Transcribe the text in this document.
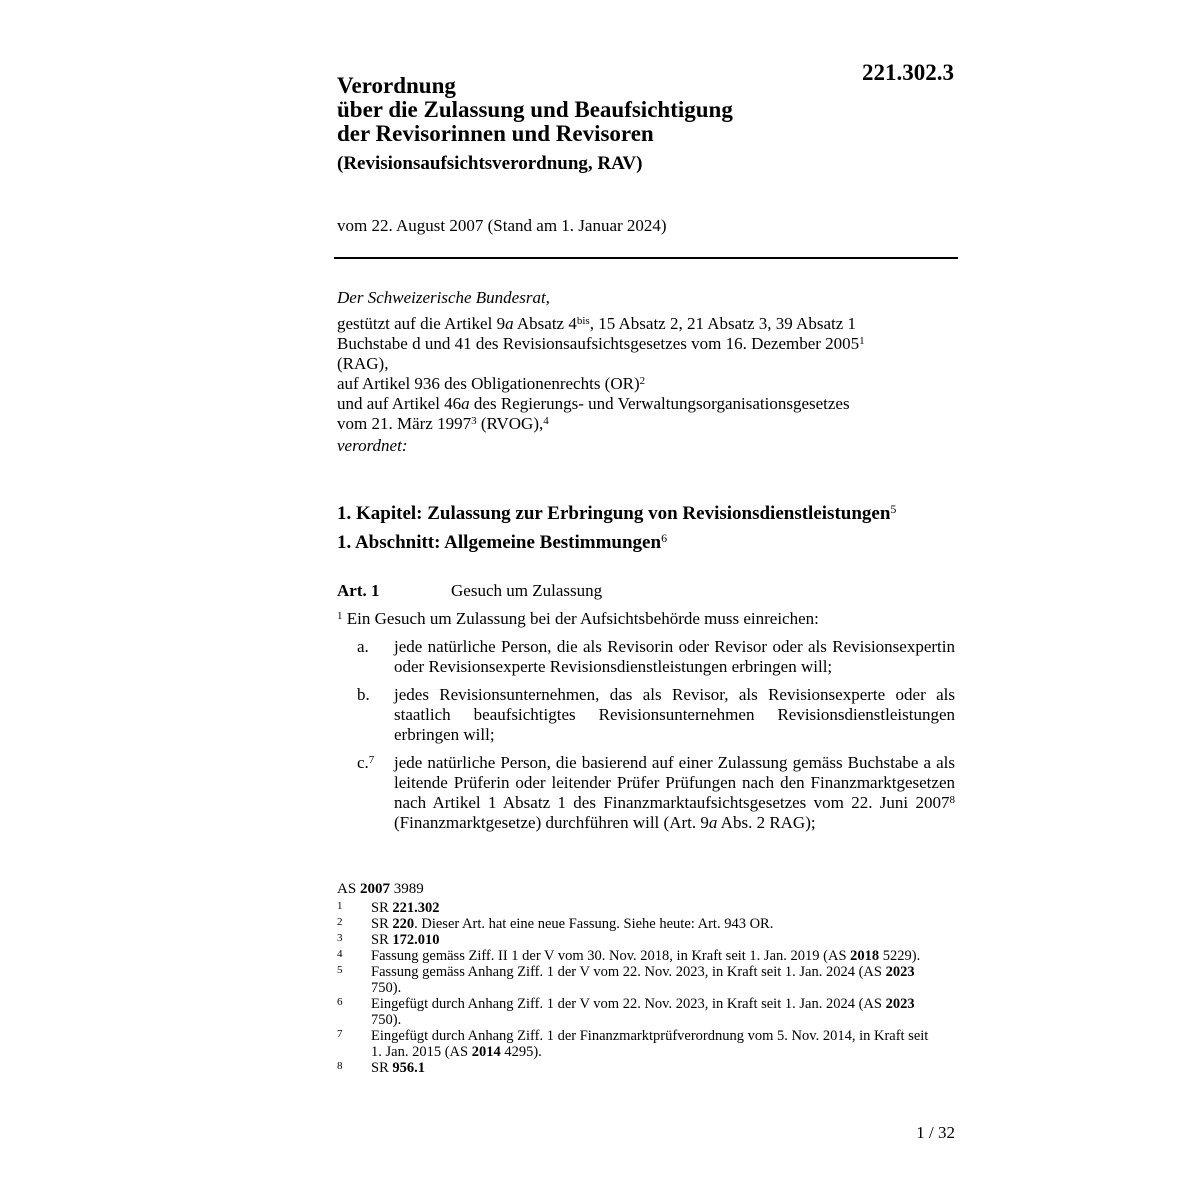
221.302.3
Verordnung
über die Zulassung und Beaufsichtigung
der Revisorinnen und Revisoren
(Revisionsaufsichtsverordnung, RAV)
vom 22. August 2007 (Stand am 1. Januar 2024)
Der Schweizerische Bundesrat,
gestützt auf die Artikel 9a Absatz $4^{bis}$, 15 Absatz 2, 21 Absatz 3, 39 Absatz 1
Buchstabe d und 41 des Revisionsaufsichtsgesetzes vom 16. Dezember 2005$^1$
(RAG),
auf Artikel 936 des Obligationenrechts (OR)$^2$
und auf Artikel 46a des Regierungs- und Verwaltungsorganisationsgesetzes
vom 21. März 1997$^3$ (RVOG),$^4$
verordnet:
1. Kapitel: Zulassung zur Erbringung von Revisionsdienstleistungen$^5$
1. Abschnitt: Allgemeine Bestimmungen$^6$
Art. 1	Gesuch um Zulassung
$^1$ Ein Gesuch um Zulassung bei der Aufsichtsbehörde muss einreichen:
a.	jede natürliche Person, die als Revisorin oder Revisor oder als Revisionsexpertin oder Revisionsexperte Revisionsdienstleistungen erbringen will;
b.	jedes Revisionsunternehmen, das als Revisor, als Revisionsexperte oder als staatlich beaufsichtigtes Revisionsunternehmen Revisionsdienstleistungen erbringen will;
c.$^7$	jede natürliche Person, die basierend auf einer Zulassung gemäss Buchstabe a als leitende Prüferin oder leitender Prüfer Prüfungen nach den Finanzmarktgesetzen nach Artikel 1 Absatz 1 des Finanzmarktaufsichtsgesetzes vom 22. Juni 2007$^8$ (Finanzmarktgesetze) durchführen will (Art. 9a Abs. 2 RAG);
AS 2007 3989
1	SR 221.302
2	SR 220. Dieser Art. hat eine neue Fassung. Siehe heute: Art. 943 OR.
3	SR 172.010
4	Fassung gemäss Ziff. II 1 der V vom 30. Nov. 2018, in Kraft seit 1. Jan. 2019 (AS 2018 5229).
5	Fassung gemäss Anhang Ziff. 1 der V vom 22. Nov. 2023, in Kraft seit 1. Jan. 2024 (AS 2023 750).
6	Eingefügt durch Anhang Ziff. 1 der V vom 22. Nov. 2023, in Kraft seit 1. Jan. 2024 (AS 2023 750).
7	Eingefügt durch Anhang Ziff. 1 der Finanzmarktprüfverordnung vom 5. Nov. 2014, in Kraft seit 1. Jan. 2015 (AS 2014 4295).
8	SR 956.1
1 / 32
